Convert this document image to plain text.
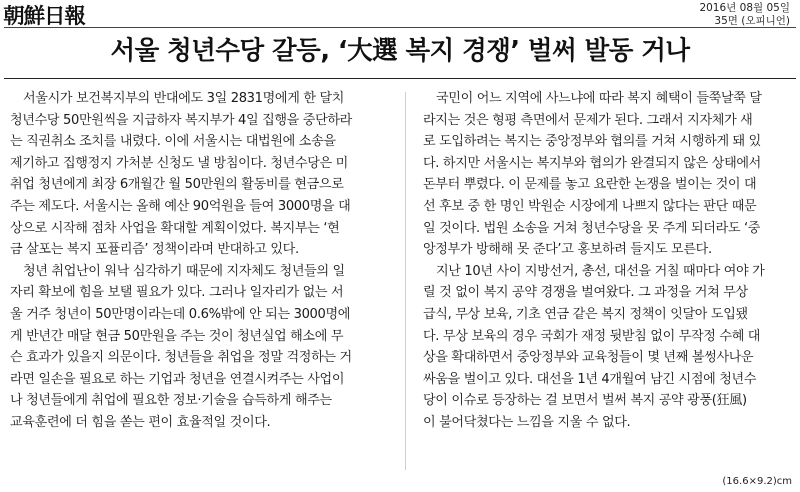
朝鮮日報	2016년 08월 05일
35면 (오피니언)
서울 청년수당 갈등, ‘大選 복지 경쟁’ 벌써 발동 거나
서울시가 보건복지부의 반대에도 3일 2831명에게 한 달치
청년수당 50만원씩을 지급하자 복지부가 4일 집행을 중단하라
는 직권취소 조치를 내렸다. 이에 서울시는 대법원에 소송을
제기하고 집행정지 가처분 신청도 낼 방침이다. 청년수당은 미
취업 청년에게 최장 6개월간 월 50만원의 활동비를 현금으로
주는 제도다. 서울시는 올해 예산 90억원을 들여 3000명을 대
상으로 시작해 점차 사업을 확대할 계획이었다. 복지부는 ‘현
금 살포는 복지 포퓰리즘’ 정책이라며 반대하고 있다.
청년 취업난이 워낙 심각하기 때문에 지자체도 청년들의 일
자리 확보에 힘을 보탤 필요가 있다. 그러나 일자리가 없는 서
울 거주 청년이 50만명이라는데 0.6%밖에 안 되는 3000명에
게 반년간 매달 현금 50만원을 주는 것이 청년실업 해소에 무
슨 효과가 있을지 의문이다. 청년들을 취업을 정말 걱정하는 거
라면 일손을 필요로 하는 기업과 청년을 연결시켜주는 사업이
나 청년들에게 취업에 필요한 정보·기술을 습득하게 해주는
교육훈련에 더 힘을 쏟는 편이 효율적일 것이다.
국민이 어느 지역에 사느냐에 따라 복지 혜택이 들쭉날쭉 달
라지는 것은 형평 측면에서 문제가 된다. 그래서 지자체가 새
로 도입하려는 복지는 중앙정부와 협의를 거쳐 시행하게 돼 있
다. 하지만 서울시는 복지부와 협의가 완결되지 않은 상태에서
돈부터 뿌렸다. 이 문제를 놓고 요란한 논쟁을 벌이는 것이 대
선 후보 중 한 명인 박원순 시장에게 나쁘지 않다는 판단 때문
일 것이다. 법원 소송을 거쳐 청년수당을 못 주게 되더라도 ‘중
앙정부가 방해해 못 준다’고 홍보하려 들지도 모른다.
지난 10년 사이 지방선거, 총선, 대선을 거칠 때마다 여야 가
릴 것 없이 복지 공약 경쟁을 벌여왔다. 그 과정을 거쳐 무상
급식, 무상 보육, 기초 연금 같은 복지 정책이 잇달아 도입됐
다. 무상 보육의 경우 국회가 재정 뒷받침 없이 무작정 수혜 대
상을 확대하면서 중앙정부와 교육청들이 몇 년째 볼썽사나운
싸움을 벌이고 있다. 대선을 1년 4개월여 남긴 시점에 청년수
당이 이슈로 등장하는 걸 보면서 벌써 복지 공약 광풍(狂風)
이 불어닥쳤다는 느낌을 지울 수 없다.
(16.6×9.2)cm
